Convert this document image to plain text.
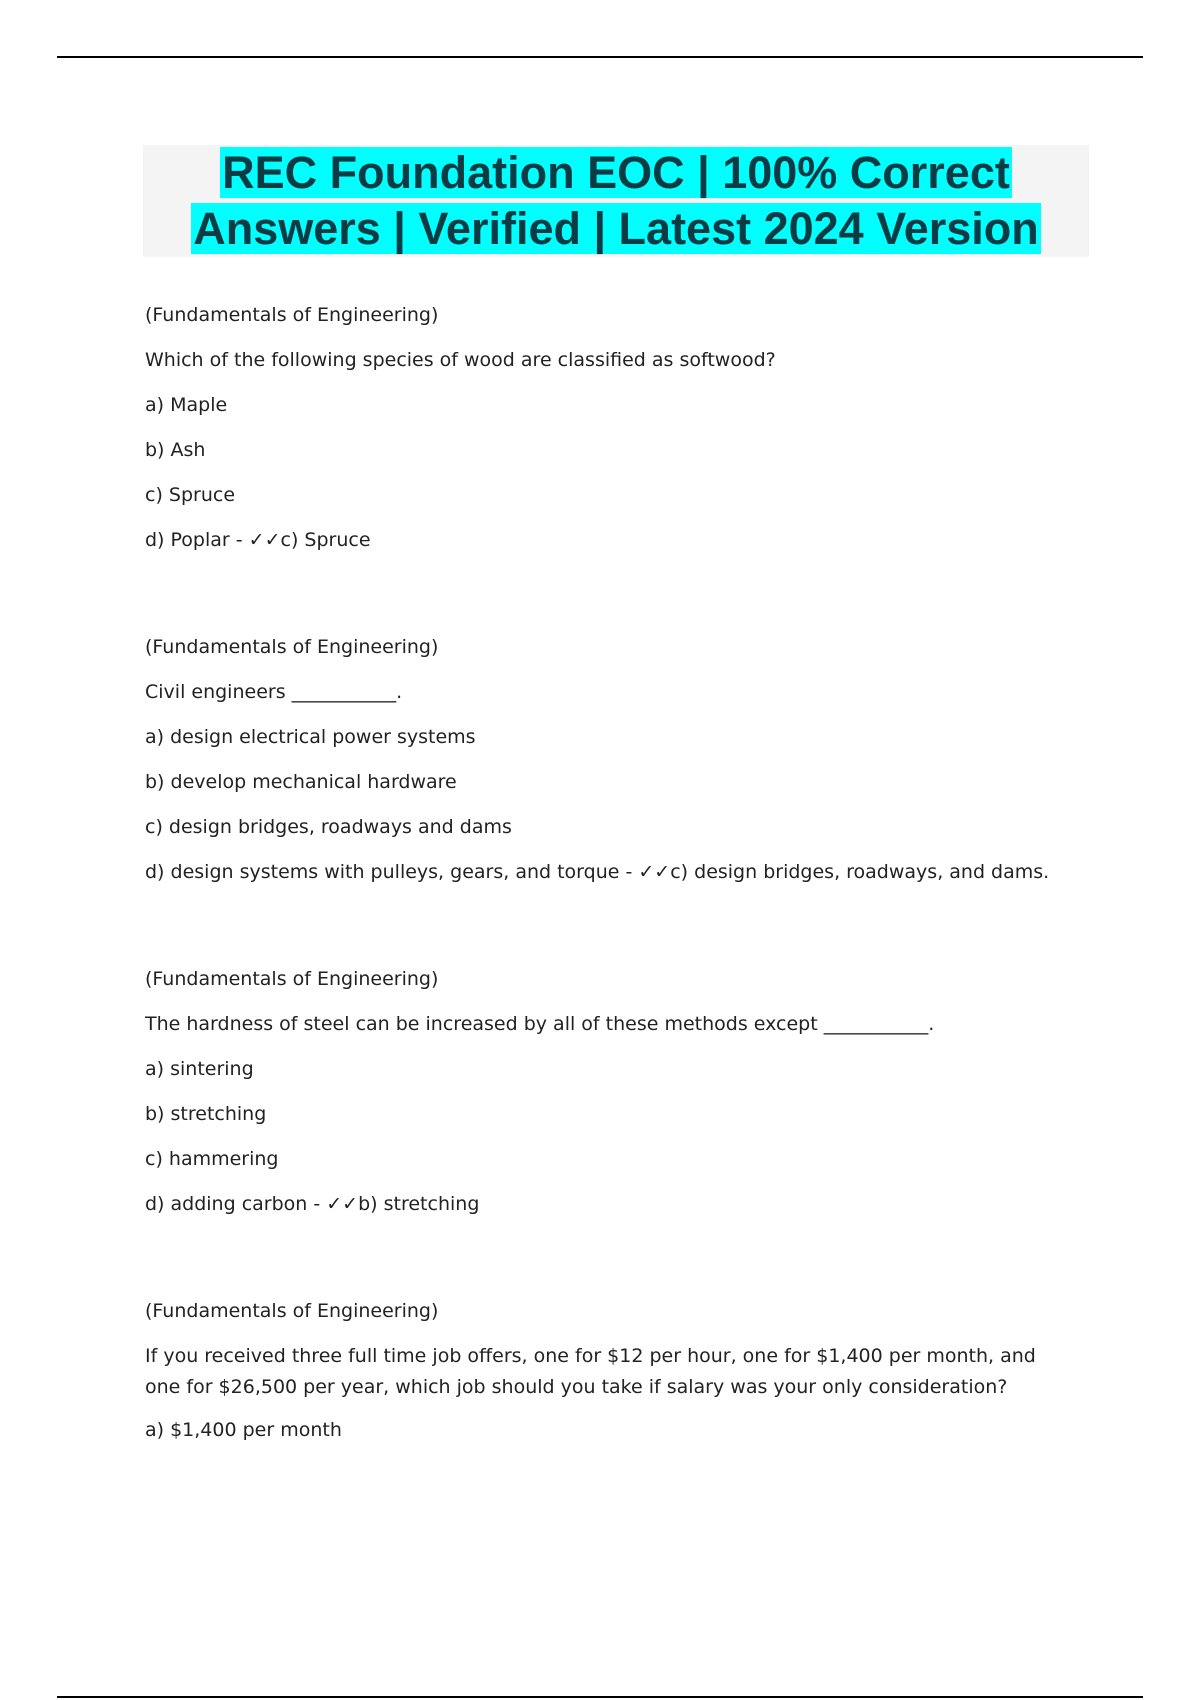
REC Foundation EOC | 100% Correct
Answers | Verified | Latest 2024 Version
(Fundamentals of Engineering)
Which of the following species of wood are classified as softwood?
a) Maple
b) Ash
c) Spruce
d) Poplar - ✓✓c) Spruce
(Fundamentals of Engineering)
Civil engineers ___________.
a) design electrical power systems
b) develop mechanical hardware
c) design bridges, roadways and dams
d) design systems with pulleys, gears, and torque - ✓✓c) design bridges, roadways, and dams.
(Fundamentals of Engineering)
The hardness of steel can be increased by all of these methods except ___________.
a) sintering
b) stretching
c) hammering
d) adding carbon - ✓✓b) stretching
(Fundamentals of Engineering)
If you received three full time job offers, one for $12 per hour, one for $1,400 per month, and one for $26,500 per year, which job should you take if salary was your only consideration?
a) $1,400 per month
